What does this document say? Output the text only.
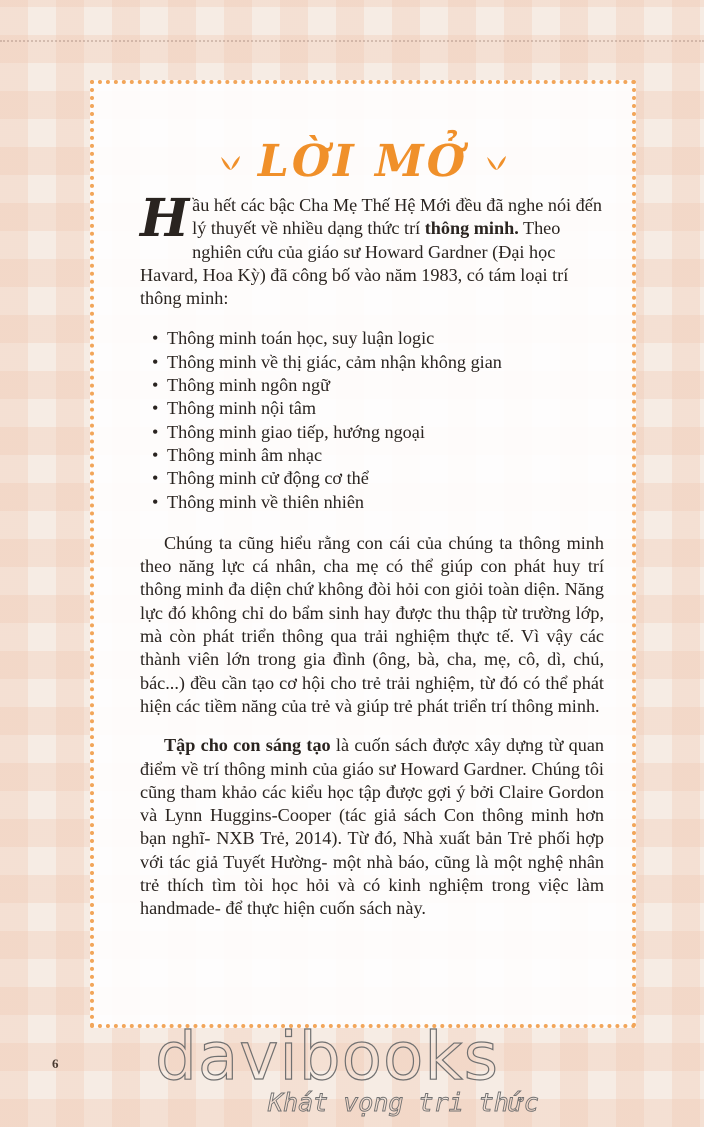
LỜI MỞ

Hầu hết các bậc Cha Mẹ Thế Hệ Mới đều đã nghe nói đến lý thuyết về nhiều dạng thức trí thông minh. Theo nghiên cứu của giáo sư Howard Gardner (Đại học Havard, Hoa Kỳ) đã công bố vào năm 1983, có tám loại trí thông minh:

• Thông minh toán học, suy luận logic
• Thông minh về thị giác, cảm nhận không gian
• Thông minh ngôn ngữ
• Thông minh nội tâm
• Thông minh giao tiếp, hướng ngoại
• Thông minh âm nhạc
• Thông minh cử động cơ thể
• Thông minh về thiên nhiên

Chúng ta cũng hiểu rằng con cái của chúng ta thông minh theo năng lực cá nhân, cha mẹ có thể giúp con phát huy trí thông minh đa diện chứ không đòi hỏi con giỏi toàn diện. Năng lực đó không chỉ do bẩm sinh hay được thu thập từ trường lớp, mà còn phát triển thông qua trải nghiệm thực tế. Vì vậy các thành viên lớn trong gia đình (ông, bà, cha, mẹ, cô, dì, chú, bác...) đều cần tạo cơ hội cho trẻ trải nghiệm, từ đó có thể phát hiện các tiềm năng của trẻ và giúp trẻ phát triển trí thông minh.

Tập cho con sáng tạo là cuốn sách được xây dựng từ quan điểm về trí thông minh của giáo sư Howard Gardner. Chúng tôi cũng tham khảo các kiểu học tập được gợi ý bởi Claire Gordon và Lynn Huggins-Cooper (tác giả sách Con thông minh hơn bạn nghĩ- NXB Trẻ, 2014). Từ đó, Nhà xuất bản Trẻ phối hợp với tác giả Tuyết Hường- một nhà báo, cũng là một nghệ nhân trẻ thích tìm tòi học hỏi và có kinh nghiệm trong việc làm handmade- để thực hiện cuốn sách này.

6 davibooks
Khát vọng tri thức
